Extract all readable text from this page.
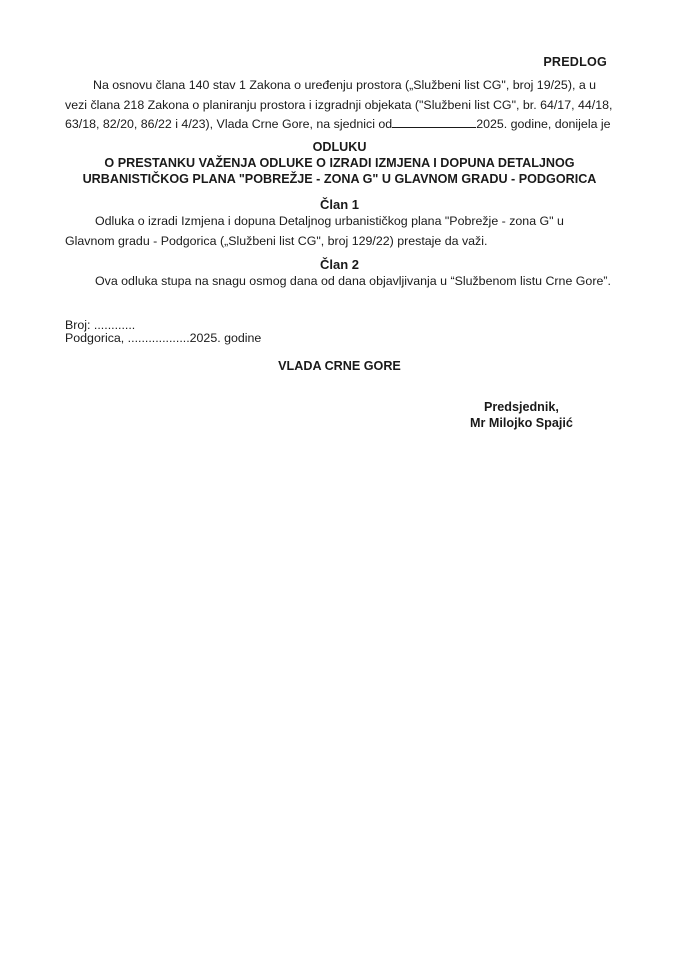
PREDLOG
Na osnovu člana 140 stav 1 Zakona o uređenju prostora („Službeni list CG", broj 19/25), a u
vezi člana 218 Zakona o planiranju prostora i izgradnji objekata ("Službeni list CG", br. 64/17, 44/18,
63/18, 82/20, 86/22 i 4/23), Vlada Crne Gore, na sjednici od	2025. godine, donijela je
ODLUKU
O PRESTANKU VAŽENJA ODLUKE O IZRADI IZMJENA I DOPUNA DETALJNOG
URBANISTIČKOG PLANA "POBREŽJE - ZONA G" U GLAVNOM GRADU - PODGORICA
Član 1
Odluka o izradi Izmjena i dopuna Detaljnog urbanističkog plana "Pobrežje - zona G" u
Glavnom gradu - Podgorica („Službeni list CG", broj 129/22) prestaje da važi.
Član 2
Ova odluka stupa na snagu osmog dana od dana objavljivanja u “Službenom listu Crne Gore”.
Broj: ............
Podgorica, ..................2025. godine
VLADA CRNE GORE
Predsjednik,
Mr Milojko Spajić
